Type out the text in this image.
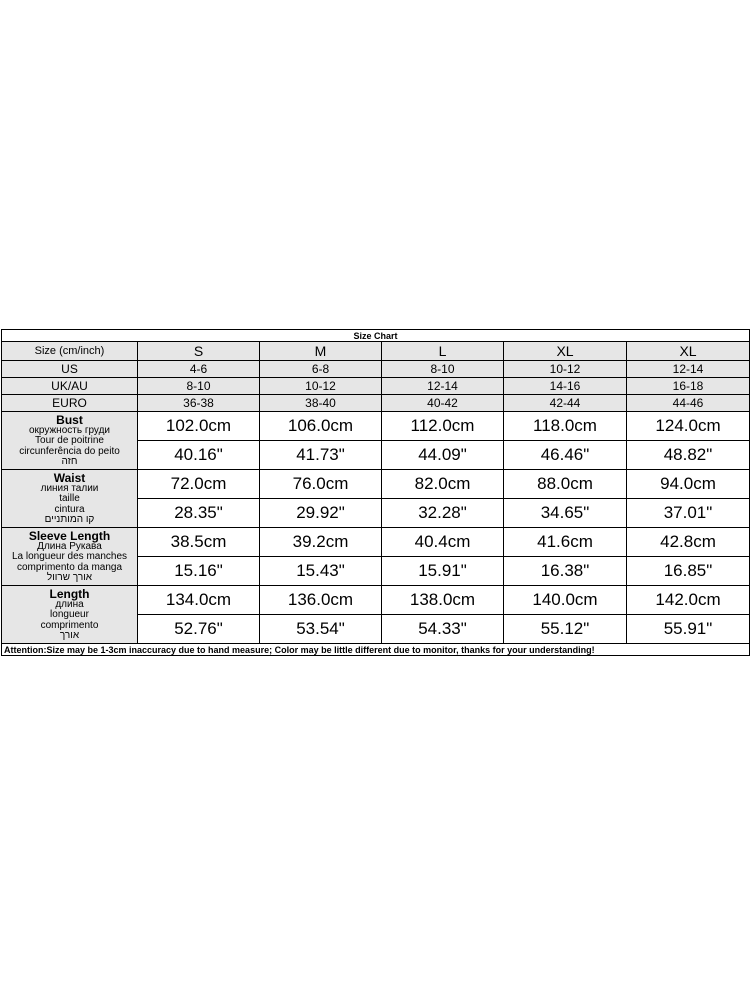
Size Chart					
Size (cm/inch)	S	M	L	XL	XL
US	4-6	6-8	8-10	10-12	12-14
UK/AU	8-10	10-12	12-14	14-16	16-18
EURO	36-38	38-40	40-42	42-44	44-46

Bust
окружность груди
Tour de poitrine
circunferência do peito
חזה	102.0cm	106.0cm	112.0cm	118.0cm	124.0cm
	40.16"	41.73"	44.09"	46.46"	48.82"

Waist
линия талии
taille
cintura
קו המותניים	72.0cm	76.0cm	82.0cm	88.0cm	94.0cm
	28.35"	29.92"	32.28"	34.65"	37.01"

Sleeve Length
Длина Рукава
La longueur des manches
comprimento da manga
אורך שרוול	38.5cm	39.2cm	40.4cm	41.6cm	42.8cm
	15.16"	15.43"	15.91"	16.38"	16.85"

Length
длина
longueur
comprimento
אורך	134.0cm	136.0cm	138.0cm	140.0cm	142.0cm
	52.76"	53.54"	54.33"	55.12"	55.91"
Attention:Size may be 1-3cm inaccuracy due to hand measure; Color may be little different due to monitor, thanks for your understanding!					
